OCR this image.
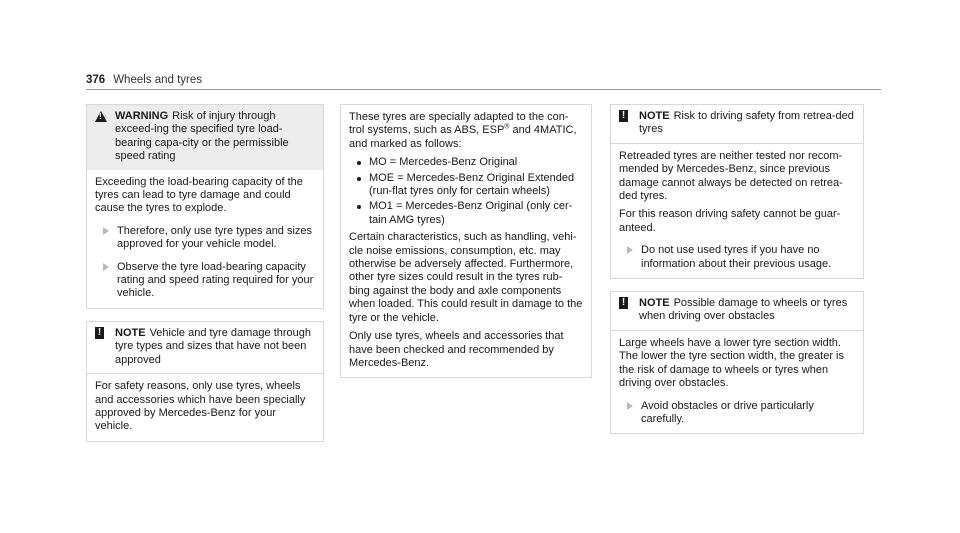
376 Wheels and tyres
!
WARNING Risk of injury through exceed-ing the specified tyre load-bearing capa-city or the permissible speed rating

Exceeding the load-bearing capacity of the tyres can lead to tyre damage and could cause the tyres to explode.

Therefore, only use tyre types and sizes approved for your vehicle model.
Observe the tyre load-bearing capacity rating and speed rating required for your vehicle.
!	NOTE Vehicle and tyre damage through tyre types and sizes that have not been approved

For safety reasons, only use tyres, wheels and accessories which have been specially approved by Mercedes-Benz for your vehicle.

These tyres are specially adapted to the con-trol systems, such as ABS, ESP® and 4MATIC, and marked as follows:

MO = Mercedes-Benz Original
MOE = Mercedes-Benz Original Extended (run-flat tyres only for certain wheels)
MO1 = Mercedes-Benz Original (only cer-tain AMG tyres)

Certain characteristics, such as handling, vehi-cle noise emissions, consumption, etc. may otherwise be adversely affected. Furthermore, other tyre sizes could result in the tyres rub-bing against the body and axle components when loaded. This could result in damage to the tyre or the vehicle.

Only use tyres, wheels and accessories that have been checked and recommended by Mercedes-Benz.

!	NOTE Risk to driving safety from retrea-ded tyres

Retreaded tyres are neither tested nor recom-mended by Mercedes-Benz, since previous damage cannot always be detected on retrea-ded tyres.

For this reason driving safety cannot be guar-anteed.

Do not use used tyres if you have no information about their previous usage.
!	NOTE Possible damage to wheels or tyres when driving over obstacles

Large wheels have a lower tyre section width. The lower the tyre section width, the greater is the risk of damage to wheels or tyres when driving over obstacles.

Avoid obstacles or drive particularly carefully.
